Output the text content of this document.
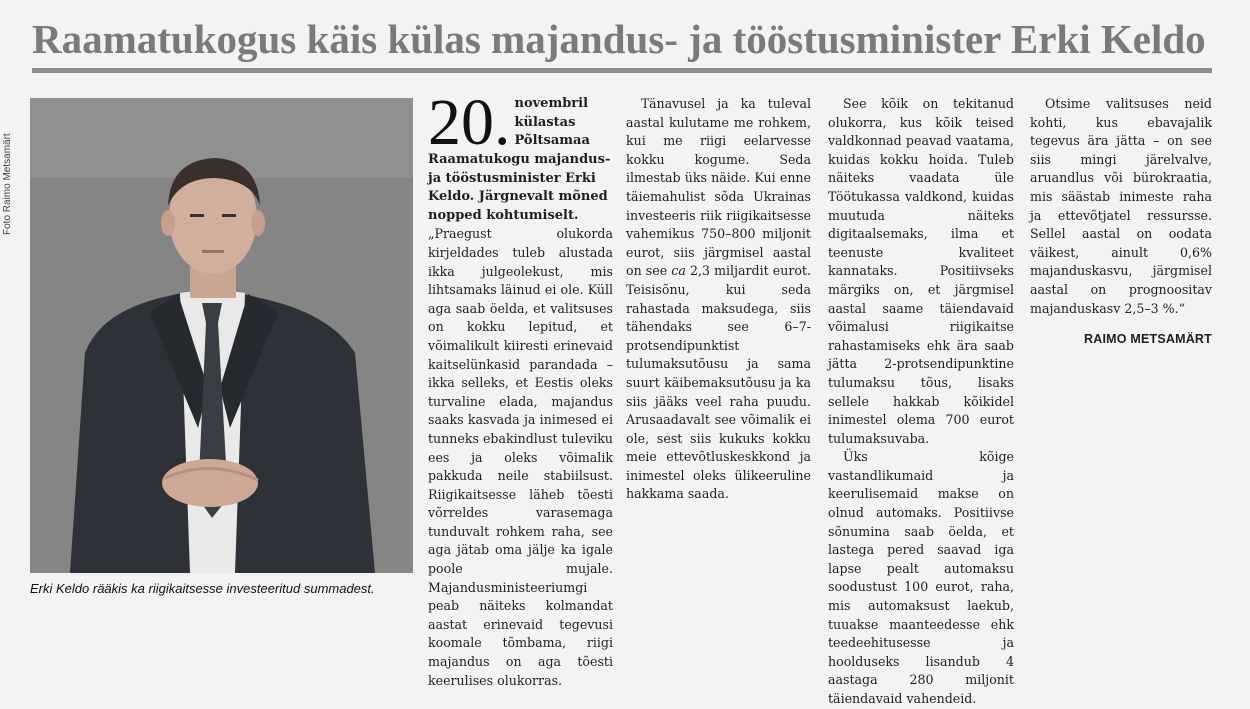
Raamatukogus käis külas majandus- ja tööstusminister Erki Keldo
Foto Raimo Metsamärt
Erki Keldo rääkis ka riigikaitsesse investeeritud summadest.
20. novembril külastas Põltsamaa Raamatukogu majandus- ja tööstusminister Erki Keldo. Järgnevalt mõned nopped kohtumiselt.

„Praegust olukorda kirjeldades tuleb alustada ikka julgeolekust, mis lihtsamaks läinud ei ole. Küll aga saab öelda, et valitsuses on kokku lepitud, et võimalikult kiiresti erinevaid kaitselünkasid parandada – ikka selleks, et Eestis oleks turvaline elada, majandus saaks kasvada ja inimesed ei tunneks ebakindlust tuleviku ees ja oleks võimalik pakkuda neile stabiilsust. Riigikaitsesse läheb tõesti võrreldes varasemaga tunduvalt rohkem raha, see aga jätab oma jälje ka igale poole mujale. Majandusministeeriumgi peab näiteks kolmandat aastat erinevaid tegevusi koomale tõmbama, riigi majandus on aga tõesti keerulises olukorras.

Tänavusel ja ka tuleval aastal kulutame me rohkem, kui me riigi eelarvesse kokku kogume. Seda ilmestab üks näide. Kui enne täiemahulist sõda Ukrainas investeeris riik riigikaitsesse vahemikus 750–800 miljonit eurot, siis järgmisel aastal on see ca 2,3 miljardit eurot. Teisisõnu, kui seda rahastada maksudega, siis tähendaks see 6–7-protsendipunktist tulumaksutõusu ja sama suurt käibemaksutõusu ja ka siis jääks veel raha puudu. Arusaadavalt see võimalik ei ole, sest siis kukuks kokku meie ettevõtluskeskkond ja inimestel oleks ülikeeruline hakkama saada.

See kõik on tekitanud olukorra, kus kõik teised valdkonnad peavad vaatama, kuidas kokku hoida. Tuleb näiteks vaadata üle Töötukassa valdkond, kuidas muutuda näiteks digitaalsemaks, ilma et teenuste kvaliteet kannataks. Positiivseks märgiks on, et järgmisel aastal saame täiendavaid võimalusi riigikaitse rahastamiseks ehk ära saab jätta 2-protsendipunktine tulumaksu tõus, lisaks sellele hakkab kõikidel inimestel olema 700 eurot tulumaksuvaba.

Üks kõige vastandlikumaid ja keerulisemaid makse on olnud automaks. Positiivse sõnumina saab öelda, et lastega pered saavad iga lapse pealt automaksu soodustust 100 eurot, raha, mis automaksust laekub, tuuakse maanteedesse ehk teedeehitusesse ja hoolduseks lisandub 4 aastaga 280 miljonit täiendavaid vahendeid.

Otsime valitsuses neid kohti, kus ebavajalik tegevus ära jätta – on see siis mingi järelvalve, aruandlus või bürokraatia, mis säästab inimeste raha ja ettevõtjatel ressursse. Sellel aastal on oodata väikest, ainult 0,6% majanduskasvu, järgmisel aastal on prognoositav majanduskasv 2,5–3 %.“

RAIMO METSAMÄRT
